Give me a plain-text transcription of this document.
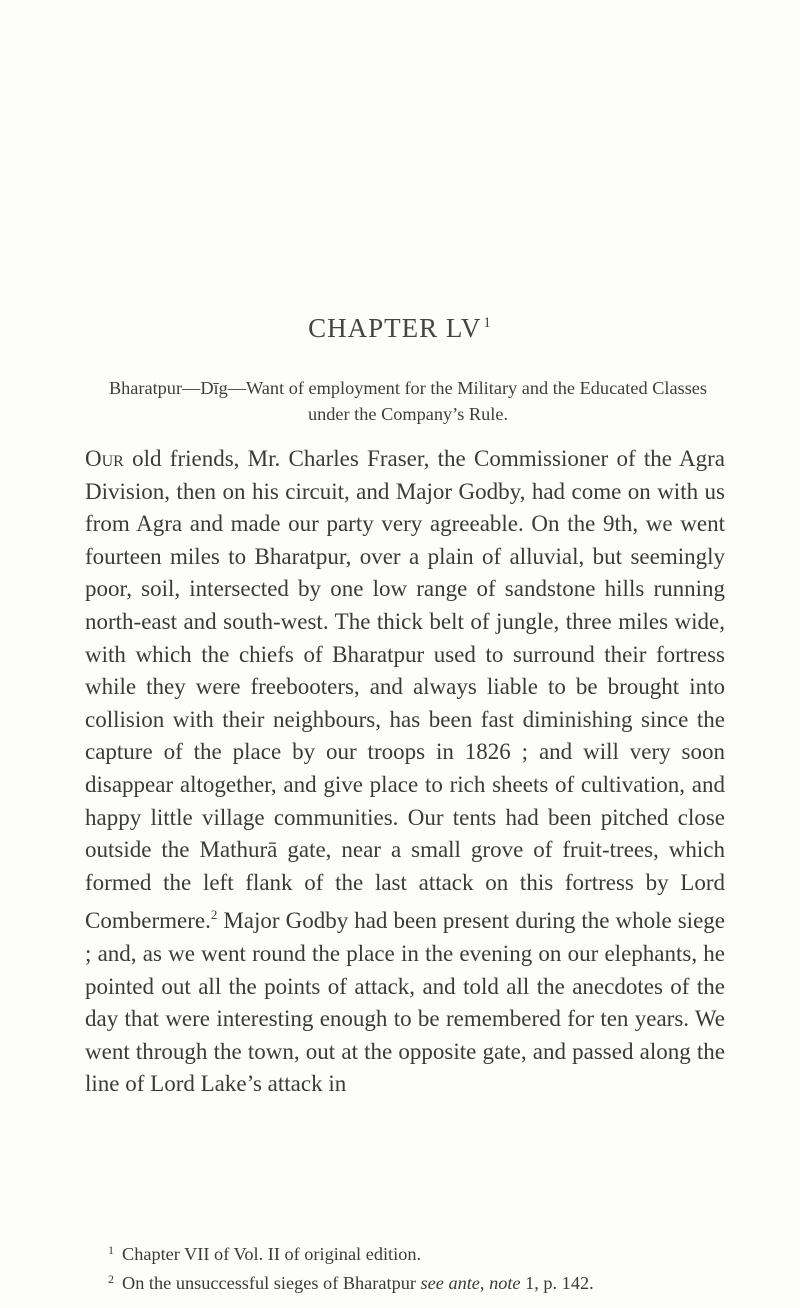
CHAPTER LV $^1$
Bharatpur—Dīg—Want of employment for the Military and the Educated Classes under the Company’s Rule.
Our old friends, Mr. Charles Fraser, the Commissioner of the Agra Division, then on his circuit, and Major Godby, had come on with us from Agra and made our party very agreeable. On the 9th, we went fourteen miles to Bharatpur, over a plain of alluvial, but seemingly poor, soil, intersected by one low range of sandstone hills running north-east and south-west. The thick belt of jungle, three miles wide, with which the chiefs of Bharatpur used to surround their fortress while they were freebooters, and always liable to be brought into collision with their neighbours, has been fast diminishing since the capture of the place by our troops in 1826 ; and will very soon disappear altogether, and give place to rich sheets of cultivation, and happy little village communities. Our tents had been pitched close outside the Mathurā gate, near a small grove of fruit-trees, which formed the left flank of the last attack on this fortress by Lord Combermere.$^2$ Major Godby had been present during the whole siege ; and, as we went round the place in the evening on our elephants, he pointed out all the points of attack, and told all the anecdotes of the day that were interesting enough to be remembered for ten years. We went through the town, out at the opposite gate, and passed along the line of Lord Lake’s attack in
$^1$ Chapter VII of Vol. II of original edition.
$^2$ On the unsuccessful sieges of Bharatpur see ante, note 1, p. 142.
